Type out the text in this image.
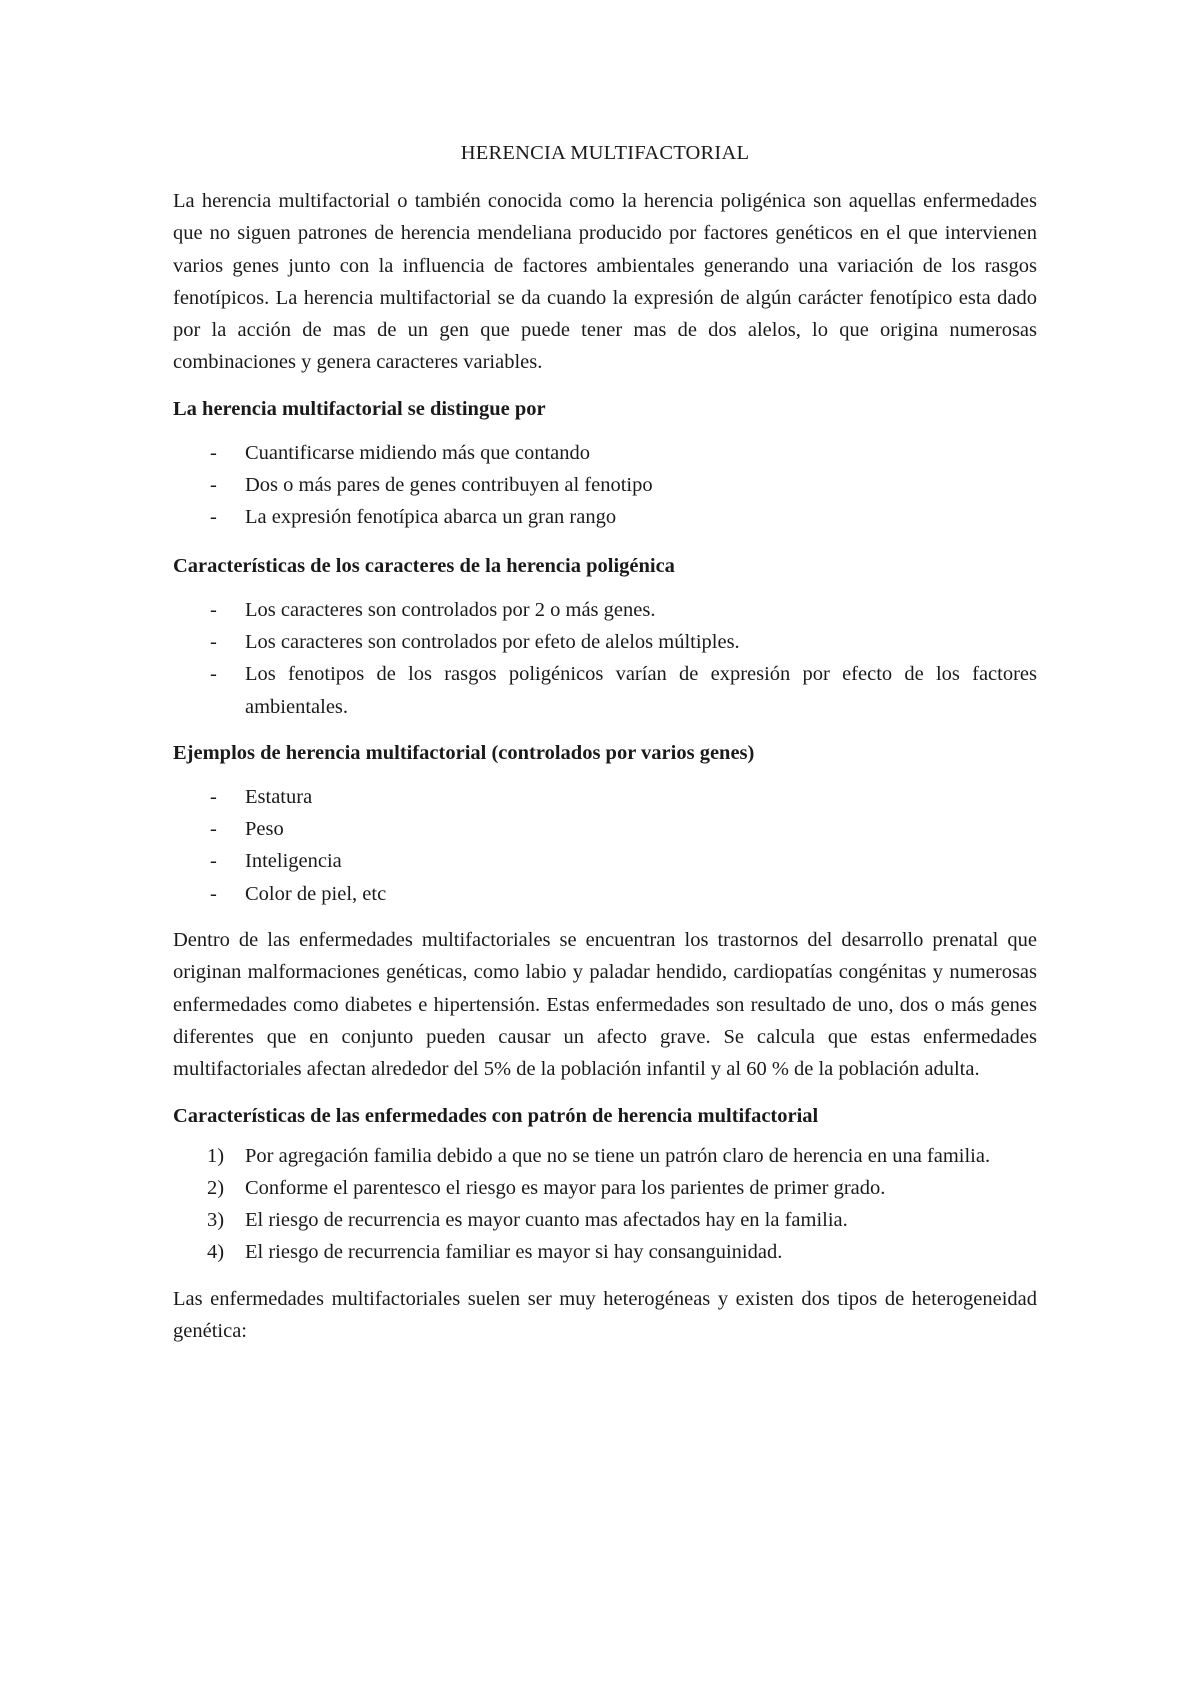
HERENCIA MULTIFACTORIAL

La herencia multifactorial o también conocida como la herencia poligénica son aquellas enfermedades que no siguen patrones de herencia mendeliana producido por factores genéticos en el que intervienen varios genes junto con la influencia de factores ambientales generando una variación de los rasgos fenotípicos. La herencia multifactorial se da cuando la expresión de algún carácter fenotípico esta dado por la acción de mas de un gen que puede tener mas de dos alelos, lo que origina numerosas combinaciones y genera caracteres variables.

La herencia multifactorial se distingue por
- Cuantificarse midiendo más que contando
- Dos o más pares de genes contribuyen al fenotipo
- La expresión fenotípica abarca un gran rango
Características de los caracteres de la herencia poligénica
- Los caracteres son controlados por 2 o más genes.
- Los caracteres son controlados por efeto de alelos múltiples.
- Los fenotipos de los rasgos poligénicos varían de expresión por efecto de los factores ambientales.
Ejemplos de herencia multifactorial (controlados por varios genes)
- Estatura
- Peso
- Inteligencia
- Color de piel, etc

Dentro de las enfermedades multifactoriales se encuentran los trastornos del desarrollo prenatal que originan malformaciones genéticas, como labio y paladar hendido, cardiopatías congénitas y numerosas enfermedades como diabetes e hipertensión. Estas enfermedades son resultado de uno, dos o más genes diferentes que en conjunto pueden causar un afecto grave. Se calcula que estas enfermedades multifactoriales afectan alrededor del 5% de la población infantil y al 60 % de la población adulta.

Características de las enfermedades con patrón de herencia multifactorial
1) Por agregación familia debido a que no se tiene un patrón claro de herencia en una familia.
2) Conforme el parentesco el riesgo es mayor para los parientes de primer grado.
3) El riesgo de recurrencia es mayor cuanto mas afectados hay en la familia.
4) El riesgo de recurrencia familiar es mayor si hay consanguinidad.

Las enfermedades multifactoriales suelen ser muy heterogéneas y existen dos tipos de heterogeneidad genética:
